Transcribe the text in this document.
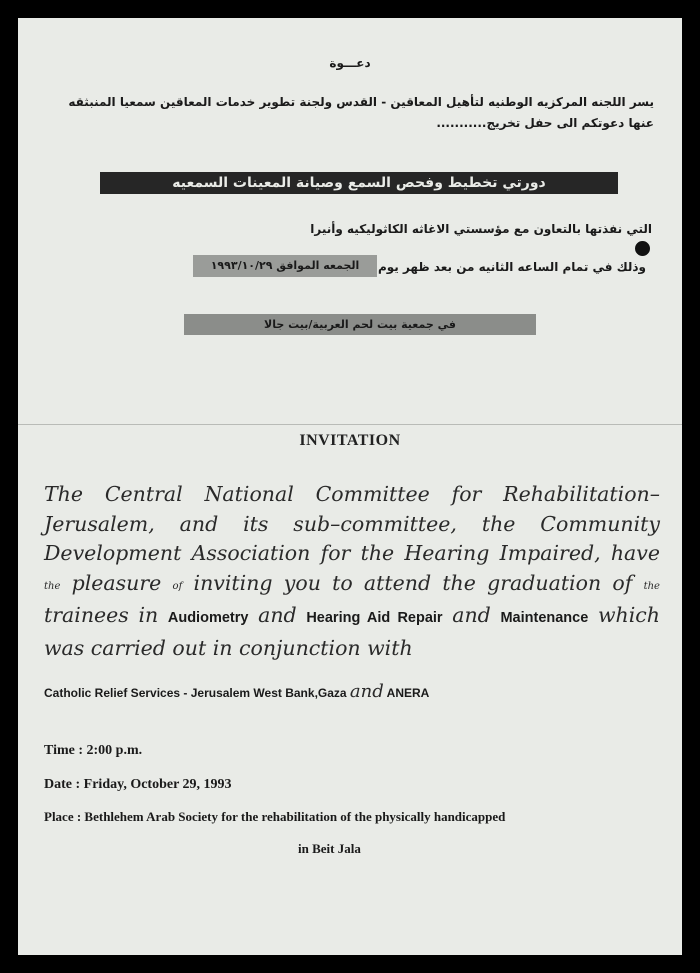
دعـــوة
يسر اللجنه المركزيه الوطنيه لتأهيل المعاقين - القدس ولجنة تطوير خدمات المعاقين سمعيا المنبثقه
عنها دعوتكم الى حفل تخريج...........
دورتي تخطيط وفحص السمع وصيانة المعينات السمعيه
التي نفذتها بالتعاون مع مؤسستي الاغاثه الكاثوليكيه وأنيرا
وذلك في تمام الساعه الثانيه من بعد ظهر يوم
الجمعه الموافق ١٩٩٣/١٠/٢٩
في جمعية بيت لحم العربية/بيت جالا
INVITATION
The Central National Committee for Rehabilitation–Jerusalem, and its sub–committee, the Community Development Association for the Hearing Impaired, have the pleasure of inviting you to attend the graduation of the trainees in Audiometry and Hearing Aid Repair and Maintenance which was carried out in conjunction with
Catholic Relief Services - Jerusalem West Bank,Gaza and ANERA
Time : 2:00 p.m.
Date : Friday, October 29, 1993
Place : Bethlehem Arab Society for the rehabilitation of the physically handicapped
in Beit Jala
